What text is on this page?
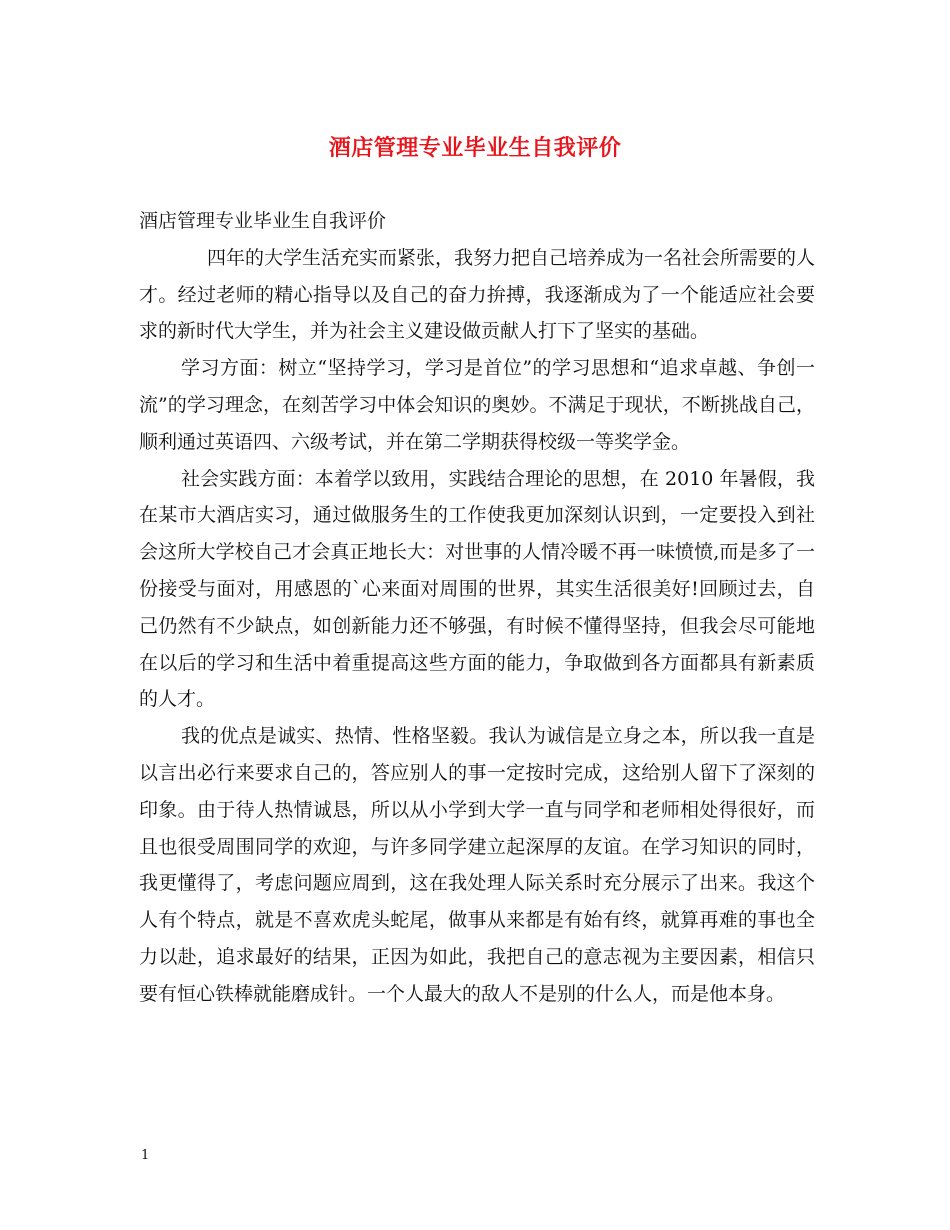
酒店管理专业毕业生自我评价

酒店管理专业毕业生自我评价

四年的大学生活充实而紧张，我努力把自己培养成为一名社会所需要的人才。经过老师的精心指导以及自己的奋力拚搏，我逐渐成为了一个能适应社会要求的新时代大学生，并为社会主义建设做贡献人打下了坚实的基础。

学习方面：树立“坚持学习，学习是首位”的学习思想和“追求卓越、争创一流”的学习理念，在刻苦学习中体会知识的奥妙。不满足于现状，不断挑战自己，顺利通过英语四、六级考试，并在第二学期获得校级一等奖学金。

社会实践方面：本着学以致用，实践结合理论的思想，在 2010 年暑假，我在某市大酒店实习，通过做服务生的工作使我更加深刻认识到，一定要投入到社会这所大学校自己才会真正地长大：对世事的人情冷暖不再一味愤愤,而是多了一份接受与面对，用感恩的`心来面对周围的世界，其实生活很美好!回顾过去，自己仍然有不少缺点，如创新能力还不够强，有时候不懂得坚持，但我会尽可能地在以后的学习和生活中着重提高这些方面的能力，争取做到各方面都具有新素质的人才。

我的优点是诚实、热情、性格坚毅。我认为诚信是立身之本，所以我一直是以言出必行来要求自己的，答应别人的事一定按时完成，这给别人留下了深刻的印象。由于待人热情诚恳，所以从小学到大学一直与同学和老师相处得很好，而且也很受周围同学的欢迎，与许多同学建立起深厚的友谊。在学习知识的同时，我更懂得了，考虑问题应周到，这在我处理人际关系时充分展示了出来。我这个人有个特点，就是不喜欢虎头蛇尾，做事从来都是有始有终，就算再难的事也全力以赴，追求最好的结果，正因为如此，我把自己的意志视为主要因素，相信只要有恒心铁棒就能磨成针。一个人最大的敌人不是别的什么人，而是他本身。

1
